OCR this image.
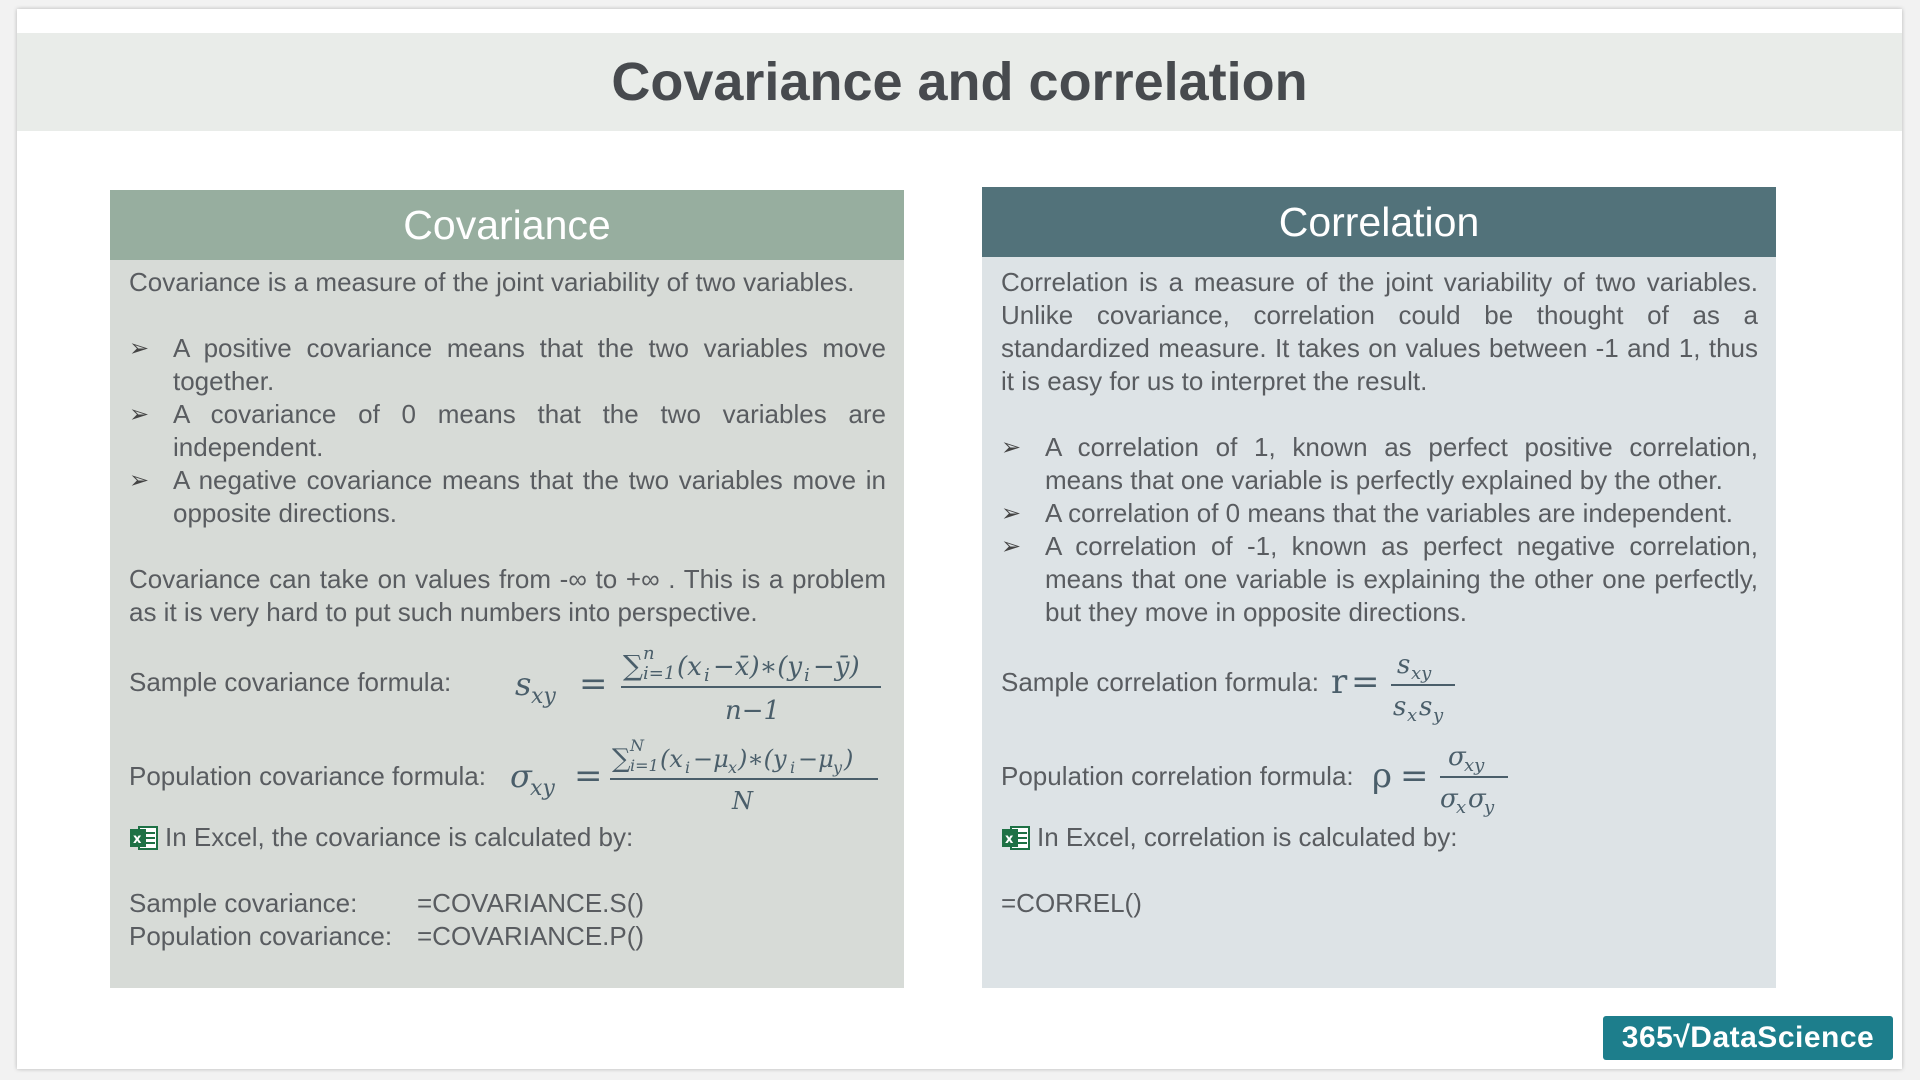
Covariance and correlation
Covariance

Covariance is a measure of the joint variability of two variables.

➢ A positive covariance means that the two variables move together.
➢ A covariance of 0 means that the two variables are independent.
➢ A negative covariance means that the two variables move in opposite directions.

Covariance can take on values from -∞ to +∞ . This is a problem as it is very hard to put such numbers into perspective.

Sample covariance formula: s xy = ∑ n
i=1 (x i −x̄)∗(y i −ȳ)
n−1
Population covariance formula: σ
xy = ∑ N
i=1 (x i −μ x )∗(y i −μ y )
N
x In Excel, the covariance is calculated by:
Sample covariance:	=COVARIANCE.S()
Population covariance: =COVARIANCE.P()
Correlation

Correlation is a measure of the joint variability of two variables. Unlike covariance, correlation could be thought of as a standardized measure. It takes on values between -1 and 1, thus it is easy for us to interpret the result.

➢ A correlation of 1, known as perfect positive correlation, means that one variable is perfectly explained by the other.
➢ A correlation of 0 means that the variables are independent.
➢ A correlation of -1, known as perfect negative correlation, means that one variable is explaining the other one perfectly, but they move in opposite directions.
Sample correlation formula: r = s xy
s x s y
Population correlation formula: ρ = σ
xy
σ
x σ
y
x In Excel, correlation is calculated by:
=CORREL()
365√DataScience
